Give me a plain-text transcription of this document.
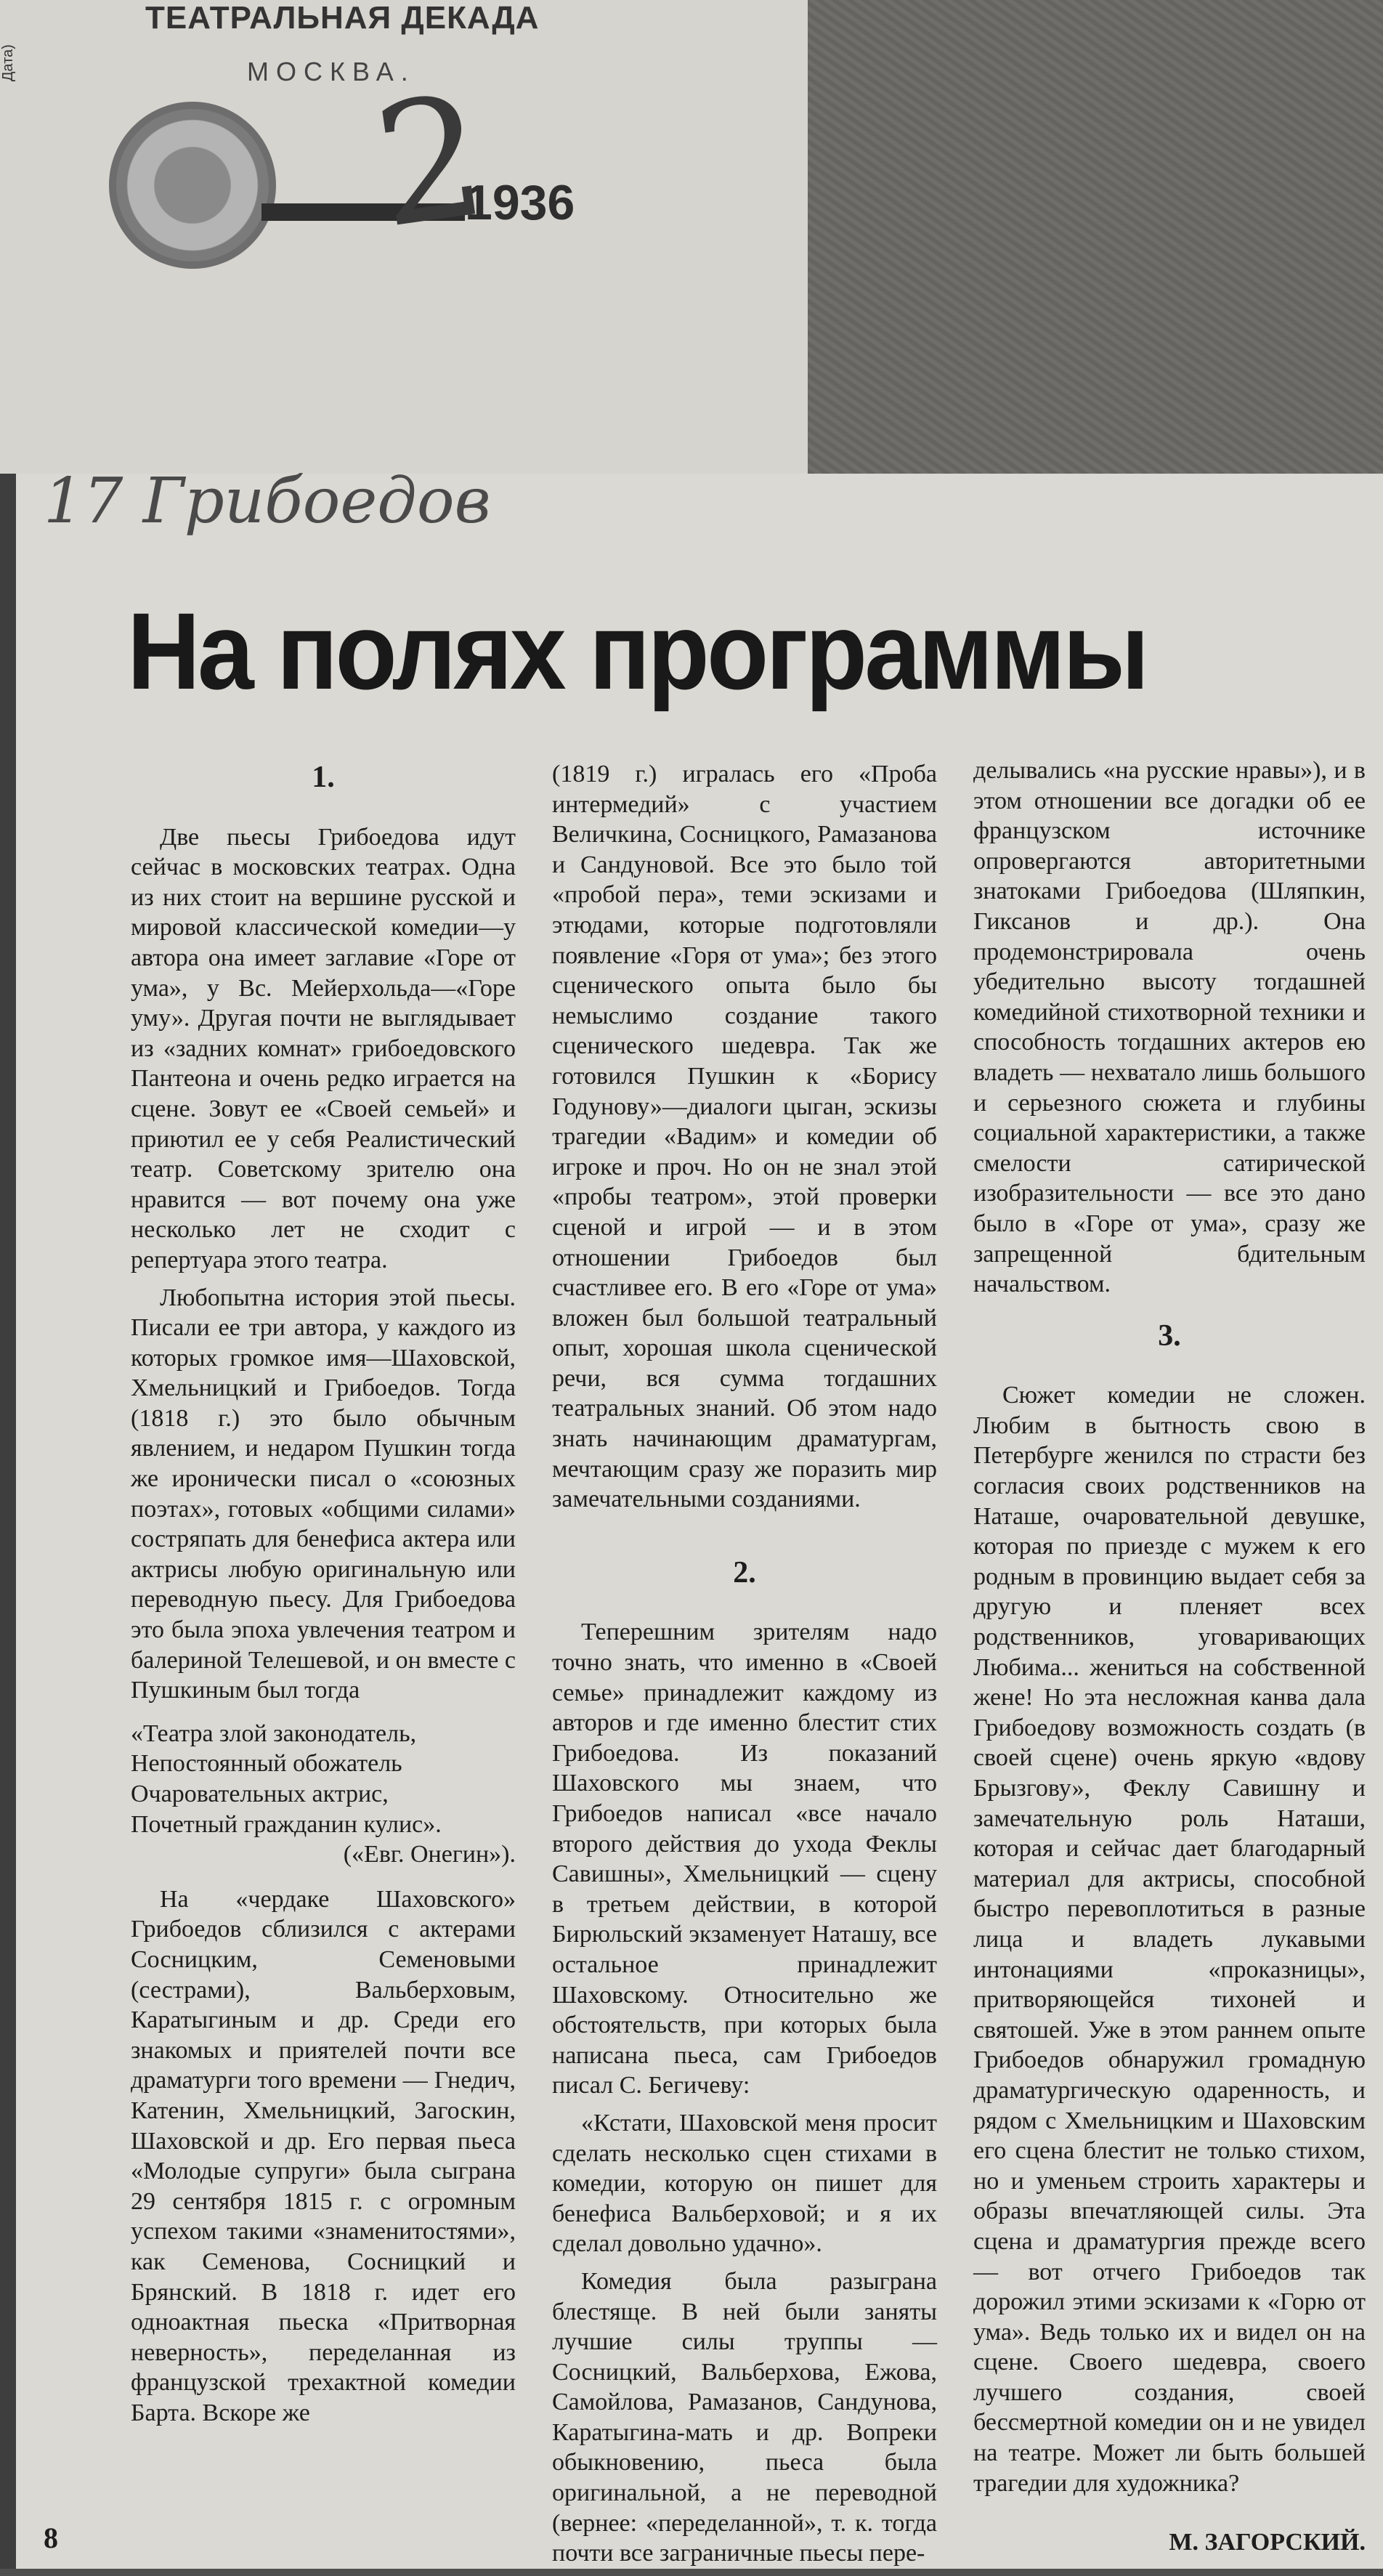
Дата)
ТЕАТРАЛЬНАЯ ДЕКАДА
МОСКВА.
1936
2
17 Грибоедов
На полях программы

1.

Две пьесы Грибоедова идут сейчас в московских театрах. Одна из них стоит на вершине русской и мировой классической комедии—у автора она имеет заглавие «Горе от ума», у Вс. Мейерхольда—«Горе уму». Другая почти не выглядывает из «задних комнат» грибоедовского Пантеона и очень редко играется на сцене. Зовут ее «Своей семьей» и приютил ее у себя Реалистический театр. Советскому зрителю она нравится — вот почему она уже несколько лет не сходит с репертуара этого театра.

Любопытна история этой пьесы. Писали ее три автора, у каждого из которых громкое имя—Шаховской, Хмельницкий и Грибоедов. Тогда (1818 г.) это было обычным явлением, и недаром Пушкин тогда же иронически писал о «союзных поэтах», готовых «общими силами» состряпать для бенефиса актера или актрисы любую оригинальную или переводную пьесу. Для Грибоедова это была эпоха увлечения театром и балериной Телешевой, и он вместе с Пушкиным был тогда

«Театра злой законодатель,
Непостоянный обожатель
Очаровательных актрис,
Почетный гражданин кулис».
(«Евг. Онегин»).

На «чердаке Шаховского» Грибоедов сблизился с актерами Сосницким, Семеновыми (сестрами), Вальберховым, Каратыгиным и др. Среди его знакомых и приятелей почти все драматурги того времени — Гнедич, Катенин, Хмельницкий, Загоскин, Шаховской и др. Его первая пьеса «Молодые супруги» была сыграна 29 сентября 1815 г. с огромным успехом такими «знаменитостями», как Семенова, Сосницкий и Брянский. В 1818 г. идет его одноактная пьеска «Притворная неверность», переделанная из французской трехактной комедии Барта. Вскоре же

(1819 г.) игралась его «Проба интермедий» с участием Величкина, Сосницкого, Рамазанова и Сандуновой. Все это было той «пробой пера», теми эскизами и этюдами, которые подготовляли появление «Горя от ума»; без этого сценического опыта было бы немыслимо создание такого сценического шедевра. Так же готовился Пушкин к «Борису Годунову»—диалоги цыган, эскизы трагедии «Вадим» и комедии об игроке и проч. Но он не знал этой «пробы театром», этой проверки сценой и игрой — и в этом отношении Грибоедов был счастливее его. В его «Горе от ума» вложен был большой театральный опыт, хорошая школа сценической речи, вся сумма тогдашних театральных знаний. Об этом надо знать начинающим драматургам, мечтающим сразу же поразить мир замечательными созданиями.

2.

Теперешним зрителям надо точно знать, что именно в «Своей семье» принадлежит каждому из авторов и где именно блестит стих Грибоедова. Из показаний Шаховского мы знаем, что Грибоедов написал «все начало второго действия до ухода Феклы Савишны», Хмельницкий — сцену в третьем действии, в которой Бирюльский экзаменует Наташу, все остальное принадлежит Шаховскому. Относительно же обстоятельств, при которых была написана пьеса, сам Грибоедов писал С. Бегичеву:

«Кстати, Шаховской меня просит сделать несколько сцен стихами в комедии, которую он пишет для бенефиса Вальберховой; и я их сделал довольно удачно».

Комедия была разыграна блестяще. В ней были заняты лучшие силы труппы — Сосницкий, Вальберхова, Ежова, Самойлова, Рамазанов, Сандунова, Каратыгина-мать и др. Вопреки обыкновению, пьеса была оригинальной, а не переводной (вернее: «переделанной», т. к. тогда почти все заграничные пьесы пере-

делывались «на русские нравы»), и в этом отношении все догадки об ее французском источнике опровергаются авторитетными знатоками Грибоедова (Шляпкин, Гиксанов и др.). Она продемонстрировала очень убедительно высоту тогдашней комедийной стихотворной техники и способность тогдашних актеров ею владеть — нехватало лишь большого и серьезного сюжета и глубины социальной характеристики, а также смелости сатирической изобразительности — все это дано было в «Горе от ума», сразу же запрещенной бдительным начальством.

3.

Сюжет комедии не сложен. Любим в бытность свою в Петербурге женился по страсти без согласия своих родственников на Наташе, очаровательной девушке, которая по приезде с мужем к его родным в провинцию выдает себя за другую и пленяет всех родственников, уговаривающих Любима... жениться на собственной жене! Но эта несложная канва дала Грибоедову возможность создать (в своей сцене) очень яркую «вдову Брызгову», Феклу Савишну и замечательную роль Наташи, которая и сейчас дает благодарный материал для актрисы, способной быстро перевоплотиться в разные лица и владеть лукавыми интонациями «проказницы», притворяющейся тихоней и святошей. Уже в этом раннем опыте Грибоедов обнаружил громадную драматургическую одаренность, и рядом с Хмельницким и Шаховским его сцена блестит не только стихом, но и уменьем строить характеры и образы впечатляющей силы. Эта сцена и драматургия прежде всего — вот отчего Грибоедов так дорожил этими эскизами к «Горю от ума». Ведь только их и видел он на сцене. Своего шедевра, своего лучшего создания, своей бессмертной комедии он и не увидел на театре. Может ли быть большей трагедии для художника?

М. ЗАГОРСКИЙ.

8
